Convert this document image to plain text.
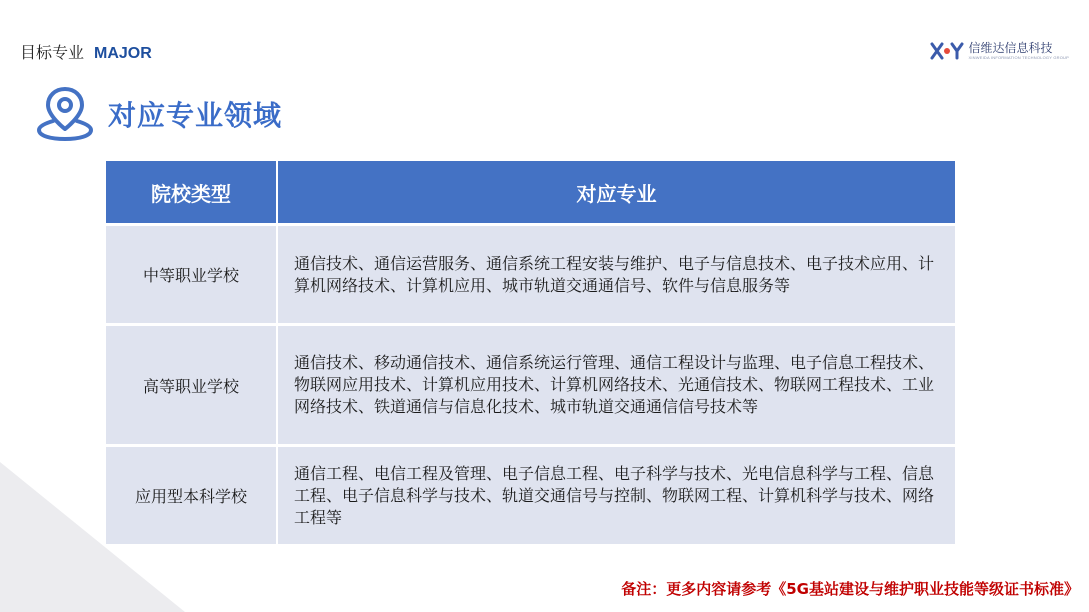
目标专业 MAJOR	信维达信息科技
XINWEIDA INFORMATION TECHNOLOGY GROUP
对应专业领域
院校类型	对应专业
中等职业学校	通信技术、通信运营服务、通信系统工程安装与维护、电子与信息技术、电子技术应用、计算机网络技术、计算机应用、城市轨道交通通信号、软件与信息服务等
高等职业学校	通信技术、移动通信技术、通信系统运行管理、通信工程设计与监理、电子信息工程技术、物联网应用技术、计算机应用技术、计算机网络技术、光通信技术、物联网工程技术、工业网络技术、铁道通信与信息化技术、城市轨道交通通信信号技术等
应用型本科学校	通信工程、电信工程及管理、电子信息工程、电子科学与技术、光电信息科学与工程、信息工程、电子信息科学与技术、轨道交通信号与控制、物联网工程、计算机科学与技术、网络工程等
备注：更多内容请参考《5G基站建设与维护职业技能等级证书标准》
